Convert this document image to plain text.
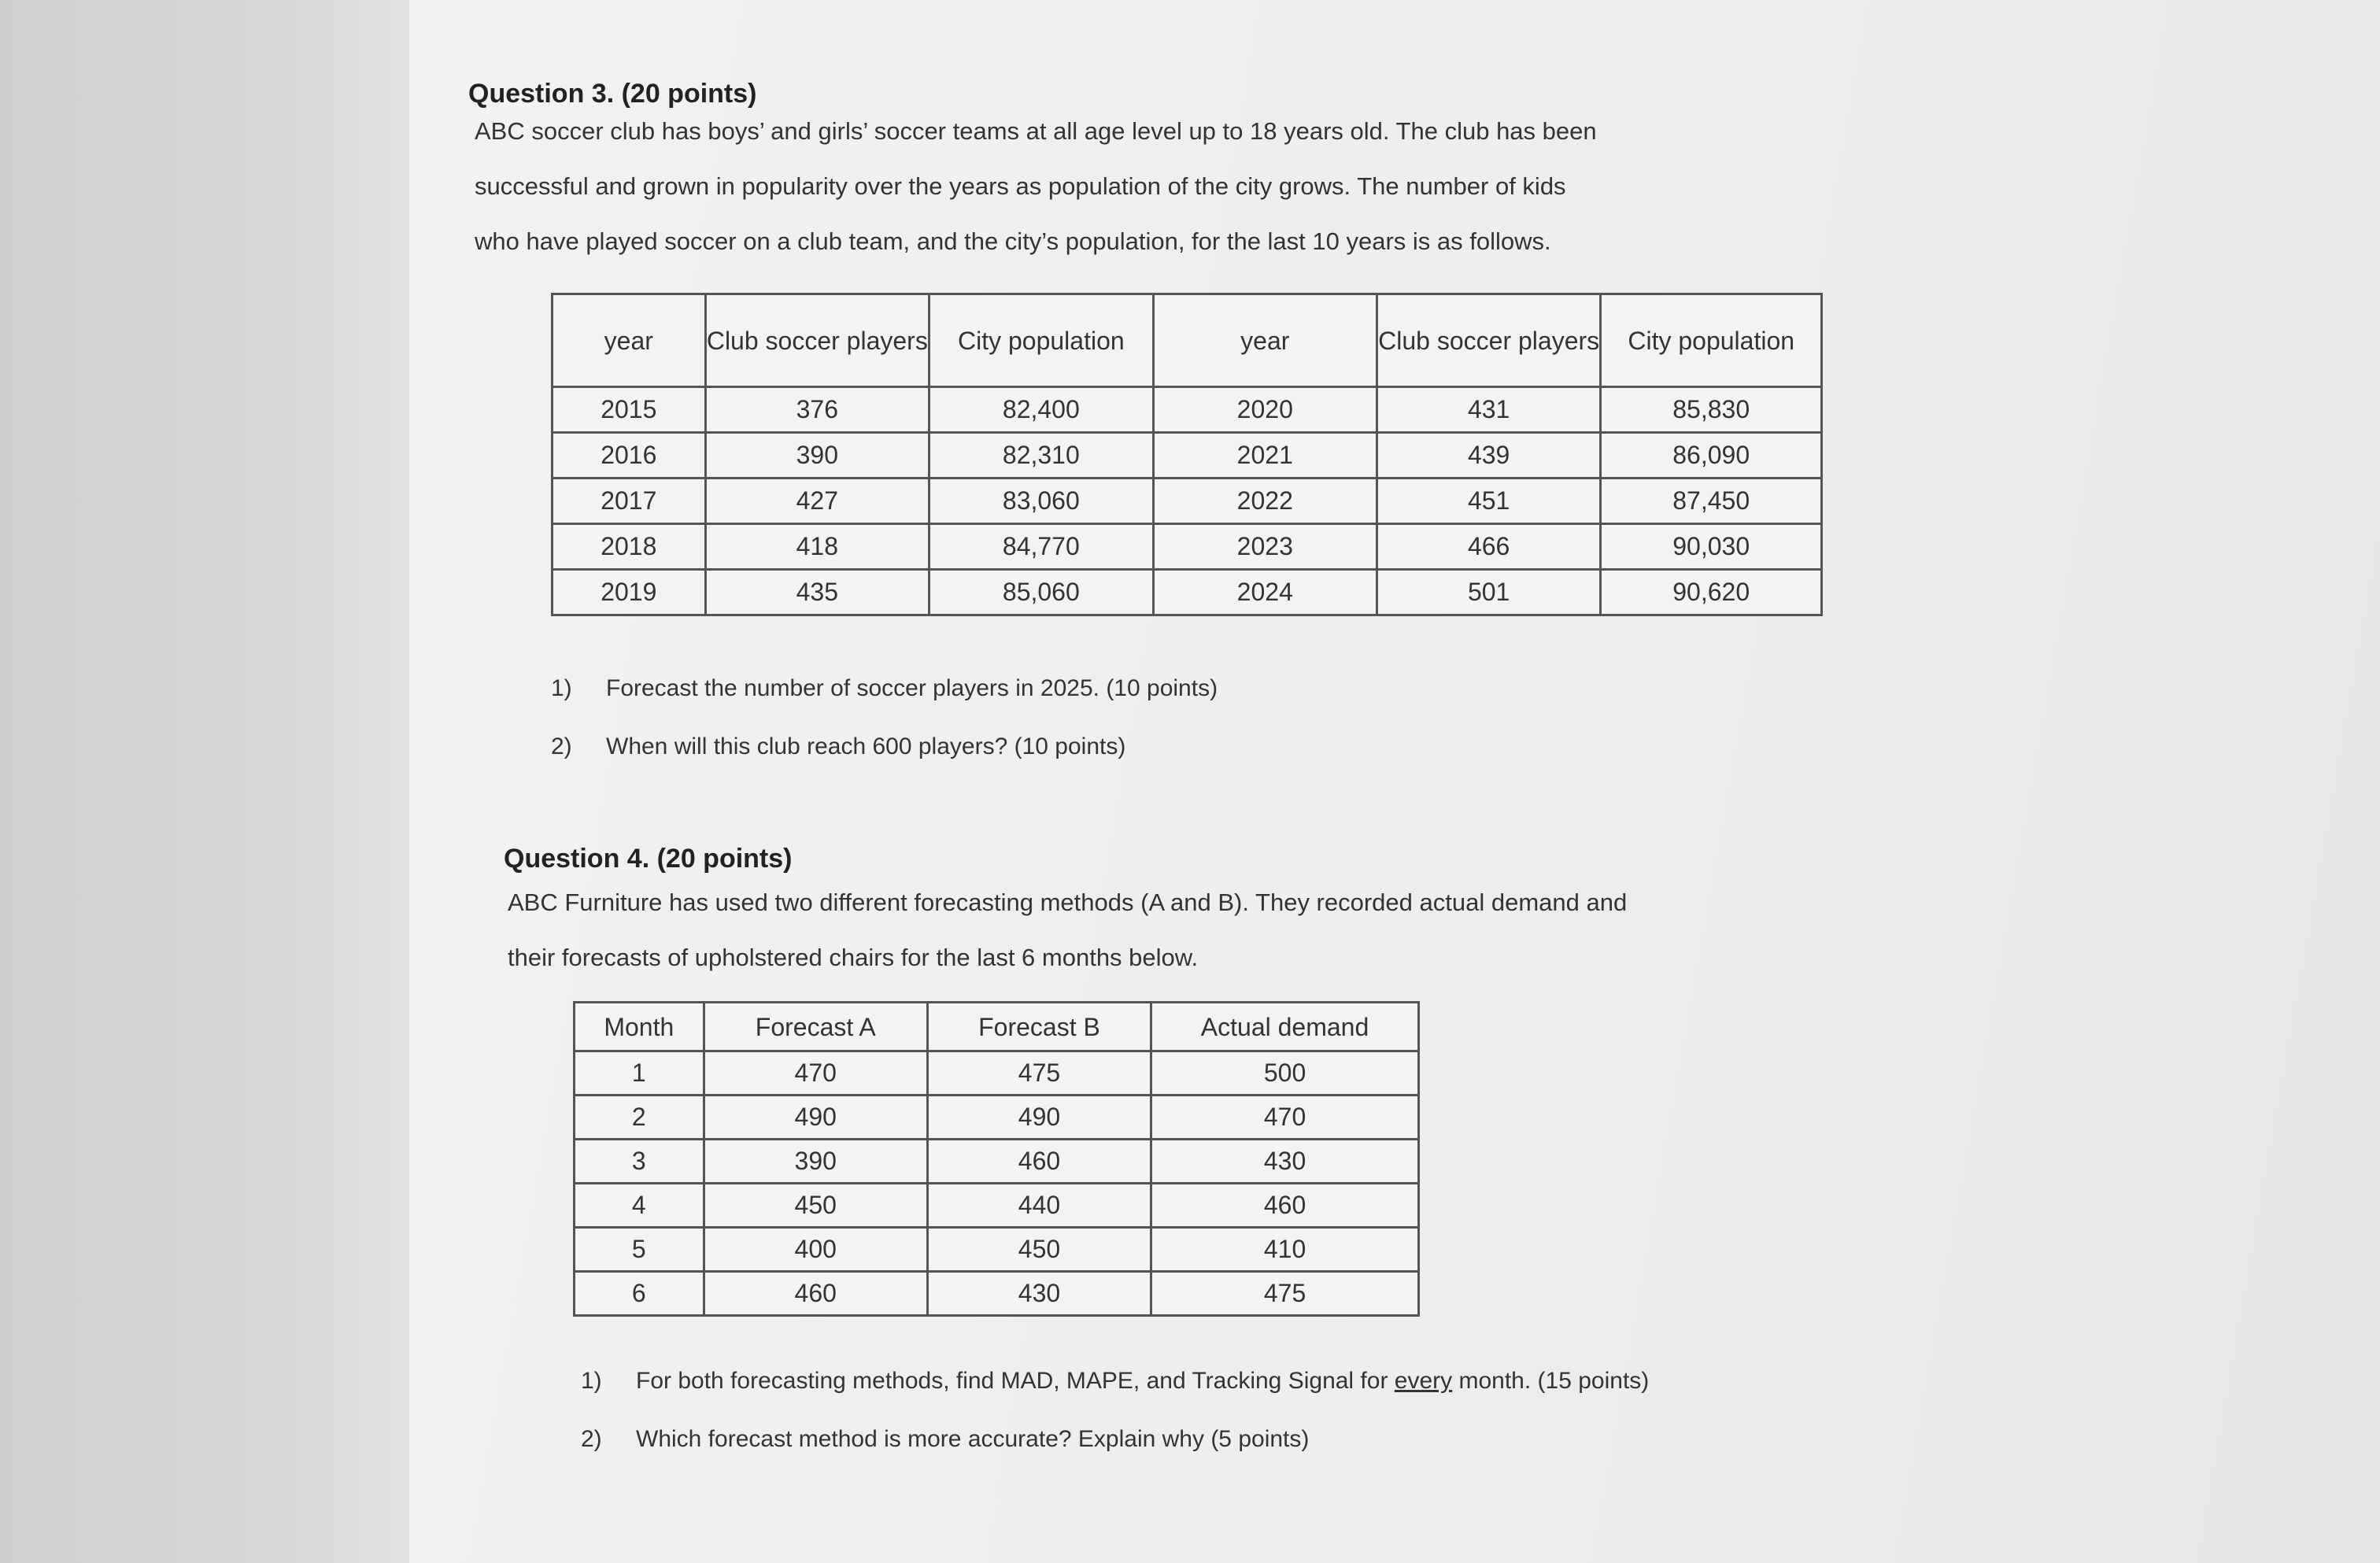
Question 3. (20 points)
ABC soccer club has boys’ and girls’ soccer teams at all age level up to 18 years old. The club has been
successful and grown in popularity over the years as population of the city grows. The number of kids
who have played soccer on a club team, and the city’s population, for the last 10 years is as follows.
year	Club soccer players	City population	year	Club soccer players	City population
2015	376	82,400	2020	431	85,830
2016	390	82,310	2021	439	86,090
2017	427	83,060	2022	451	87,450
2018	418	84,770	2023	466	90,030
2019	435	85,060	2024	501	90,620
1) Forecast the number of soccer players in 2025. (10 points)
2) When will this club reach 600 players? (10 points)
Question 4. (20 points)
ABC Furniture has used two different forecasting methods (A and B). They recorded actual demand and
their forecasts of upholstered chairs for the last 6 months below.
Month	Forecast A	Forecast B	Actual demand
1	470	475	500
2	490	490	470
3	390	460	430
4	450	440	460
5	400	450	410
6	460	430	475
1) For both forecasting methods, find MAD, MAPE, and Tracking Signal for every month. (15 points)
2) Which forecast method is more accurate? Explain why (5 points)
